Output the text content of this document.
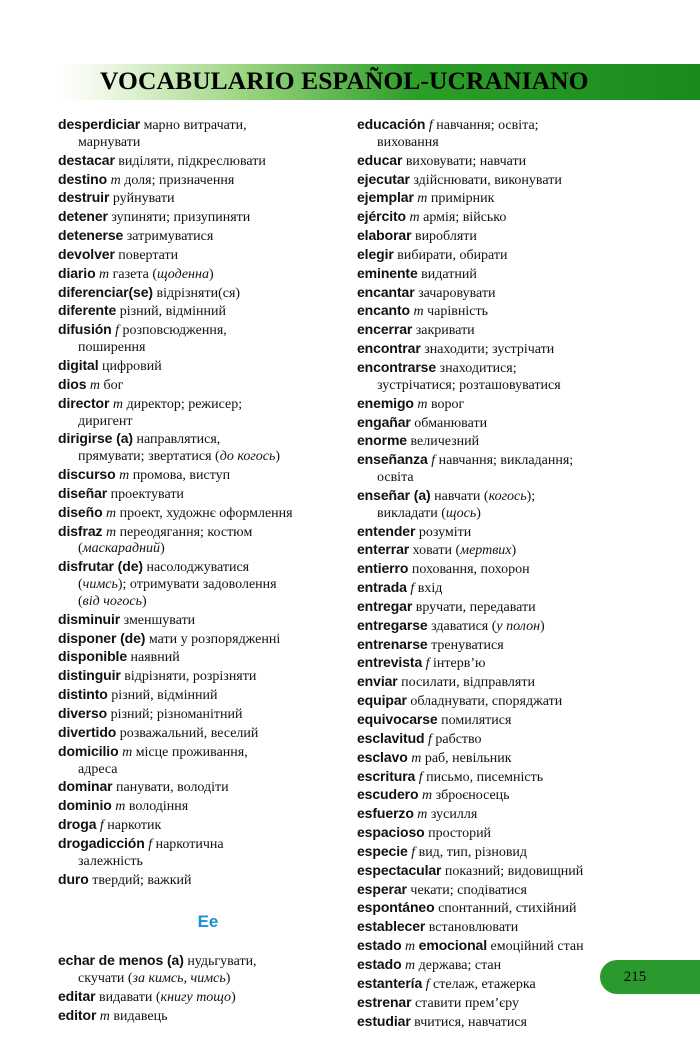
VOCABULARIO ESPAÑOL-UCRANIANO
desperdiciar марно витрачати,
марнувати
destacar виділяти, підкреслювати
destino m доля; призначення
destruir руйнувати
detener зупиняти; призупиняти
detenerse затримуватися
devolver повертати
diario m газета (щоденна)
diferenciar(se) відрізняти(ся)
diferente різний, відмінний
difusión f розповсюдження,
поширення
digital цифровий
dios m бог
director m директор; режисер;
диригент
dirigirse (a) направлятися,
прямувати; звертатися (до когось)
discurso m промова, виступ
diseñar проектувати
diseño m проект, художнє оформлення
disfraz m переодягання; костюм
(маскарадний)
disfrutar (de) насолоджуватися
(чимсь); отримувати задоволення
(від чогось)
disminuir зменшувати
disponer (de) мати у розпорядженні
disponible наявний
distinguir відрізняти, розрізняти
distinto різний, відмінний
diverso різний; різноманітний
divertido розважальний, веселий
domicilio m місце проживання,
адреса
dominar панувати, володіти
dominio m володіння
droga f наркотик
drogadicción f наркотична
залежність
duro твердий; важкий
Ee
echar de menos (a) нудьгувати,
скучати (за кимсь, чимсь)
editar видавати (книгу тощо)
editor m видавець
educación f навчання; освіта;
виховання
educar виховувати; навчати
ejecutar здійснювати, виконувати
ejemplar m примірник
ejército m армія; військо
elaborar виробляти
elegir вибирати, обирати
eminente видатний
encantar зачаровувати
encanto m чарівність
encerrar закривати
encontrar знаходити; зустрічати
encontrarse знаходитися;
зустрічатися; розташовуватися
enemigo m ворог
engañar обманювати
enorme величезний
enseñanza f навчання; викладання;
освіта
enseñar (a) навчати (когось);
викладати (щось)
entender розуміти
enterrar ховати (мертвих)
entierro поховання, похорон
entrada f вхід
entregar вручати, передавати
entregarse здаватися (у полон)
entrenarse тренуватися
entrevista f інтерв’ю
enviar посилати, відправляти
equipar обладнувати, споряджати
equivocarse помилятися
esclavitud f рабство
esclavo m раб, невільник
escritura f письмо, писемність
escudero m зброєносець
esfuerzo m зусилля
espacioso просторий
especie f вид, тип, різновид
espectacular показний; видовищний
esperar чекати; сподіватися
espontáneo спонтанний, стихійний
establecer встановлювати
estado m emocional емоційний стан
estado m держава; стан
estantería f стелаж, етажерка
estrenar ставити прем’єру
estudiar вчитися, навчатися
215
